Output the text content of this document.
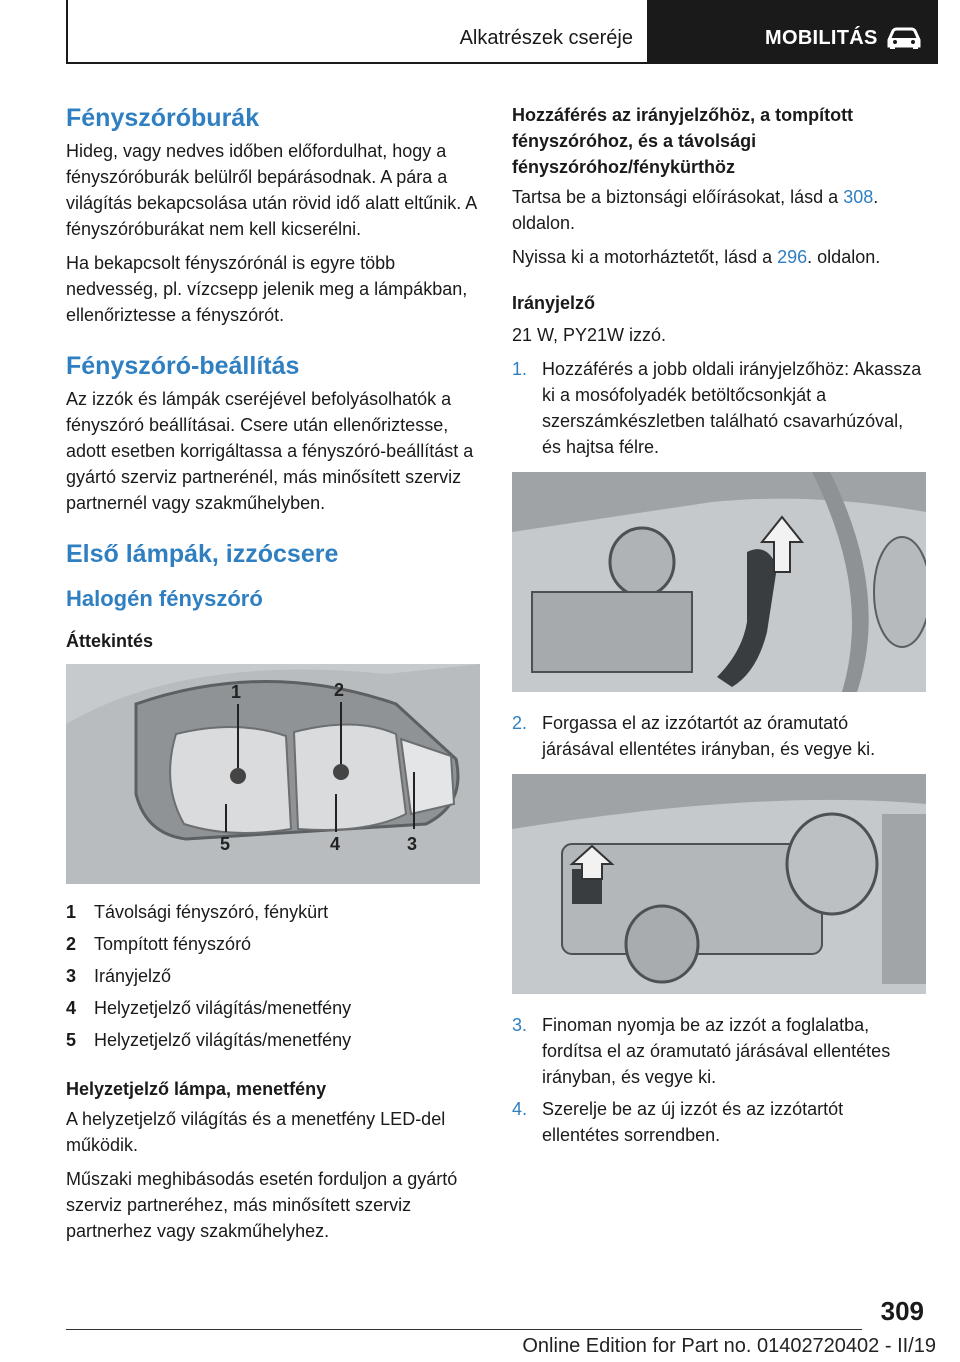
Alkatrészek cseréje	MOBILITÁS
Fényszóróburák

Hideg, vagy nedves időben előfordulhat, hogy a fényszóróburák belülről bepárásodnak. A pára a világítás bekapcsolása után rövid idő alatt eltűnik. A fényszóróburákat nem kell kicserélni.

Ha bekapcsolt fényszórónál is egyre több nedvesség, pl. vízcsepp jelenik meg a lámpákban, ellenőriztesse a fényszórót.

Fényszóró-beállítás

Az izzók és lámpák cseréjével befolyásolhatók a fényszóró beállításai. Csere után ellenőriztesse, adott esetben korrigáltassa a fényszóró-beállítást a gyártó szerviz partnerénél, más minősített szerviz partnernél vagy szakműhelyben.

Első lámpák, izzócsere
Halogén fényszóró
Áttekintés
1	2
3
4
5
1 Távolsági fényszóró, fénykürt
2 Tompított fényszóró
3 Irányjelző
4 Helyzetjelző világítás/menetfény
5 Helyzetjelző világítás/menetfény
Helyzetjelző lámpa, menetfény

A helyzetjelző világítás és a menetfény LED-del működik.

Műszaki meghibásodás esetén forduljon a gyártó szerviz partneréhez, más minősített szerviz partnerhez vagy szakműhelyhez.

Hozzáférés az irányjelzőhöz, a tompított fényszóróhoz, és a távolsági fényszóróhoz/fénykürthöz

Tartsa be a biztonsági előírásokat, lásd a 308. oldalon.

Nyissa ki a motorháztetőt, lásd a 296. oldalon.

Irányjelző

21 W, PY21W izzó.

1. Hozzáférés a jobb oldali irányjelzőhöz: Akassza ki a mosófolyadék betöltőcsonkját a szerszámkészletben található csavarhúzóval, és hajtsa félre.
2. Forgassa el az izzótartót az óramutató járásával ellentétes irányban, és vegye ki.
3. Finoman nyomja be az izzót a foglalatba, fordítsa el az óramutató járásával ellentétes irányban, és vegye ki.
4. Szerelje be az új izzót és az izzótartót ellentétes sorrendben.
309
Online Edition for Part no. 01402720402 - II/19
